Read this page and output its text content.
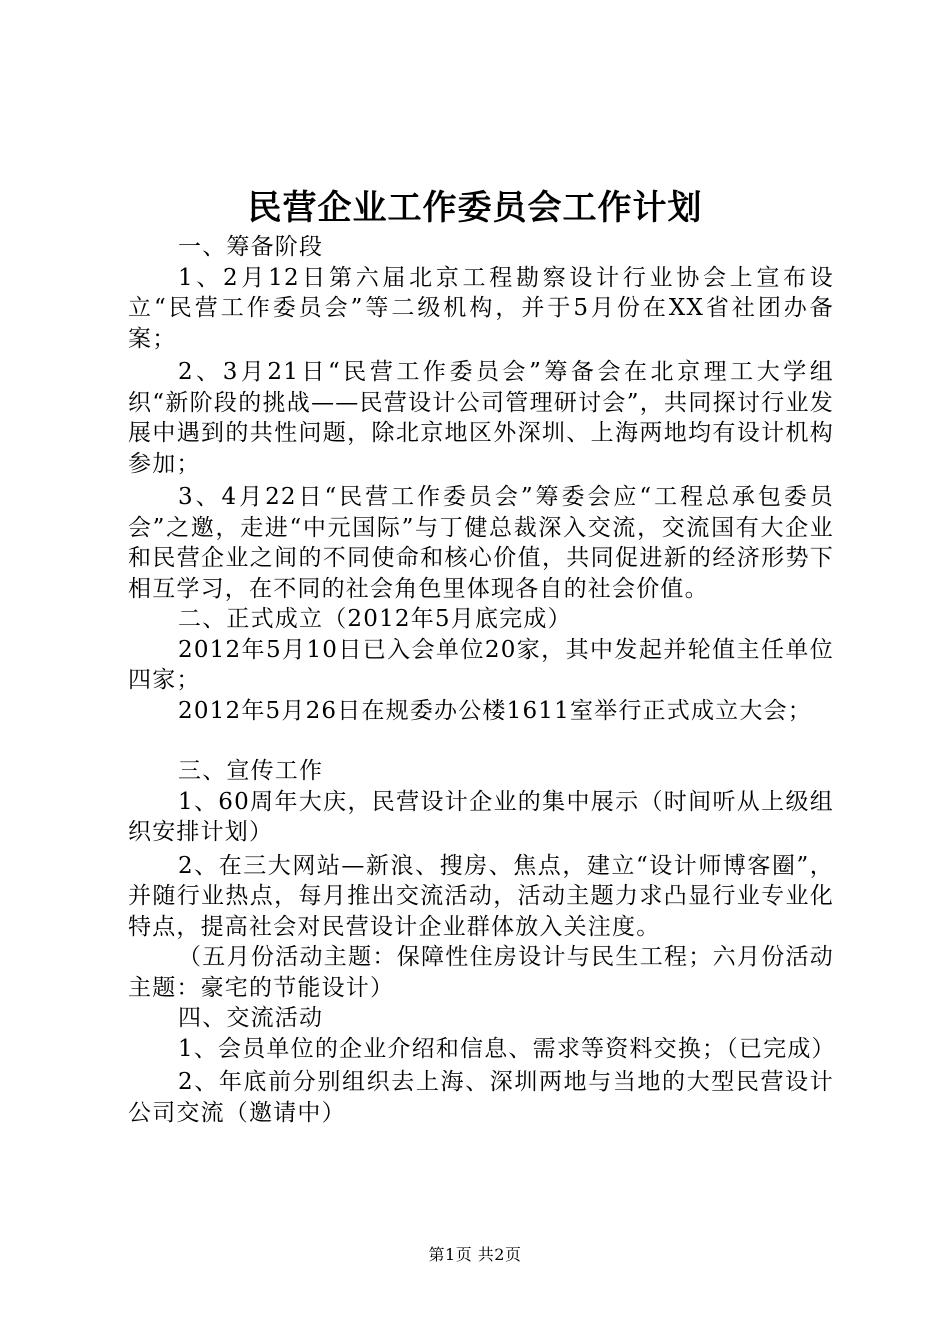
民营企业工作委员会工作计划

一、筹备阶段

1、2月12日第六届北京工程勘察设计行业协会上宣布设立“民营工作委员会”等二级机构，并于5月份在XX省社团办备案；

2、3月21日“民营工作委员会”筹备会在北京理工大学组织“新阶段的挑战——民营设计公司管理研讨会”，共同探讨行业发展中遇到的共性问题，除北京地区外深圳、上海两地均有设计机构参加；

3、4月22日“民营工作委员会”筹委会应“工程总承包委员会”之邀，走进“中元国际”与丁健总裁深入交流，交流国有大企业和民营企业之间的不同使命和核心价值，共同促进新的经济形势下相互学习，在不同的社会角色里体现各自的社会价值。

二、正式成立（2012年5月底完成）

2012年5月10日已入会单位20家，其中发起并轮值主任单位四家；

2012年5月26日在规委办公楼1611室举行正式成立大会；

三、宣传工作

1、60周年大庆，民营设计企业的集中展示（时间听从上级组织安排计划）

2、在三大网站—新浪、搜房、焦点，建立“设计师博客圈”，并随行业热点，每月推出交流活动，活动主题力求凸显行业专业化特点，提高社会对民营设计企业群体放入关注度。

（五月份活动主题：保障性住房设计与民生工程；六月份活动主题：豪宅的节能设计）

四、交流活动

1、会员单位的企业介绍和信息、需求等资料交换；（已完成）

2、年底前分别组织去上海、深圳两地与当地的大型民营设计公司交流（邀请中）

第1页 共2页
